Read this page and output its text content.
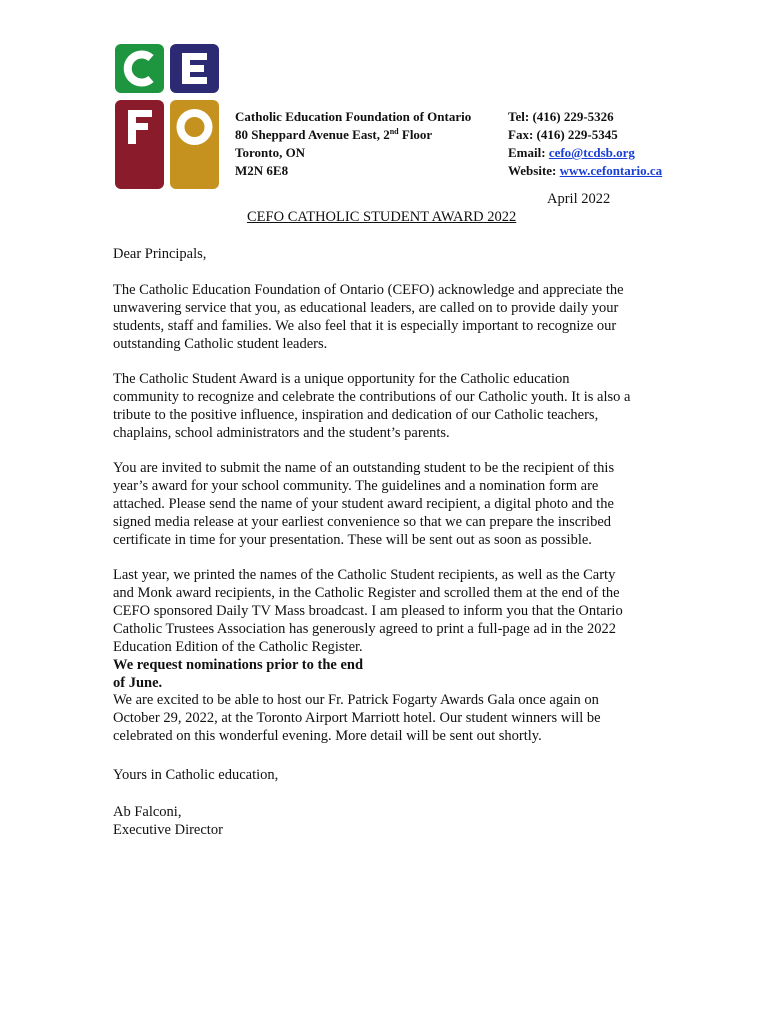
Catholic Education Foundation of Ontario
80 Sheppard Avenue East, 2nd Floor
Toronto, ON
M2N 6E8
Tel: (416) 229-5326
Fax: (416) 229-5345
Email: cefo@tcdsb.org
Website: www.cefontario.ca
April 2022
CEFO CATHOLIC STUDENT AWARD 2022

Dear Principals,

The Catholic Education Foundation of Ontario (CEFO) acknowledge and appreciate the
unwavering service that you, as educational leaders, are called on to provide daily your
students, staff and families. We also feel that it is especially important to recognize our
outstanding Catholic student leaders.
The Catholic Student Award is a unique opportunity for the Catholic education
community to recognize and celebrate the contributions of our Catholic youth. It is also a
tribute to the positive influence, inspiration and dedication of our Catholic teachers,
chaplains, school administrators and the student’s parents.
You are invited to submit the name of an outstanding student to be the recipient of this
year’s award for your school community. The guidelines and a nomination form are
attached. Please send the name of your student award recipient, a digital photo and the
signed media release at your earliest convenience so that we can prepare the inscribed
certificate in time for your presentation. These will be sent out as soon as possible.
Last year, we printed the names of the Catholic Student recipients, as well as the Carty
and Monk award recipients, in the Catholic Register and scrolled them at the end of the
CEFO sponsored Daily TV Mass broadcast. I am pleased to inform you that the Ontario
Catholic Trustees Association has generously agreed to print a full-page ad in the 2022
Education Edition of the Catholic Register.
We request nominations prior to the end
of June.
We are excited to be able to host our Fr. Patrick Fogarty Awards Gala once again on
October 29, 2022, at the Toronto Airport Marriott hotel. Our student winners will be
celebrated on this wonderful evening. More detail will be sent out shortly.

Yours in Catholic education,

Ab Falconi,
Executive Director
